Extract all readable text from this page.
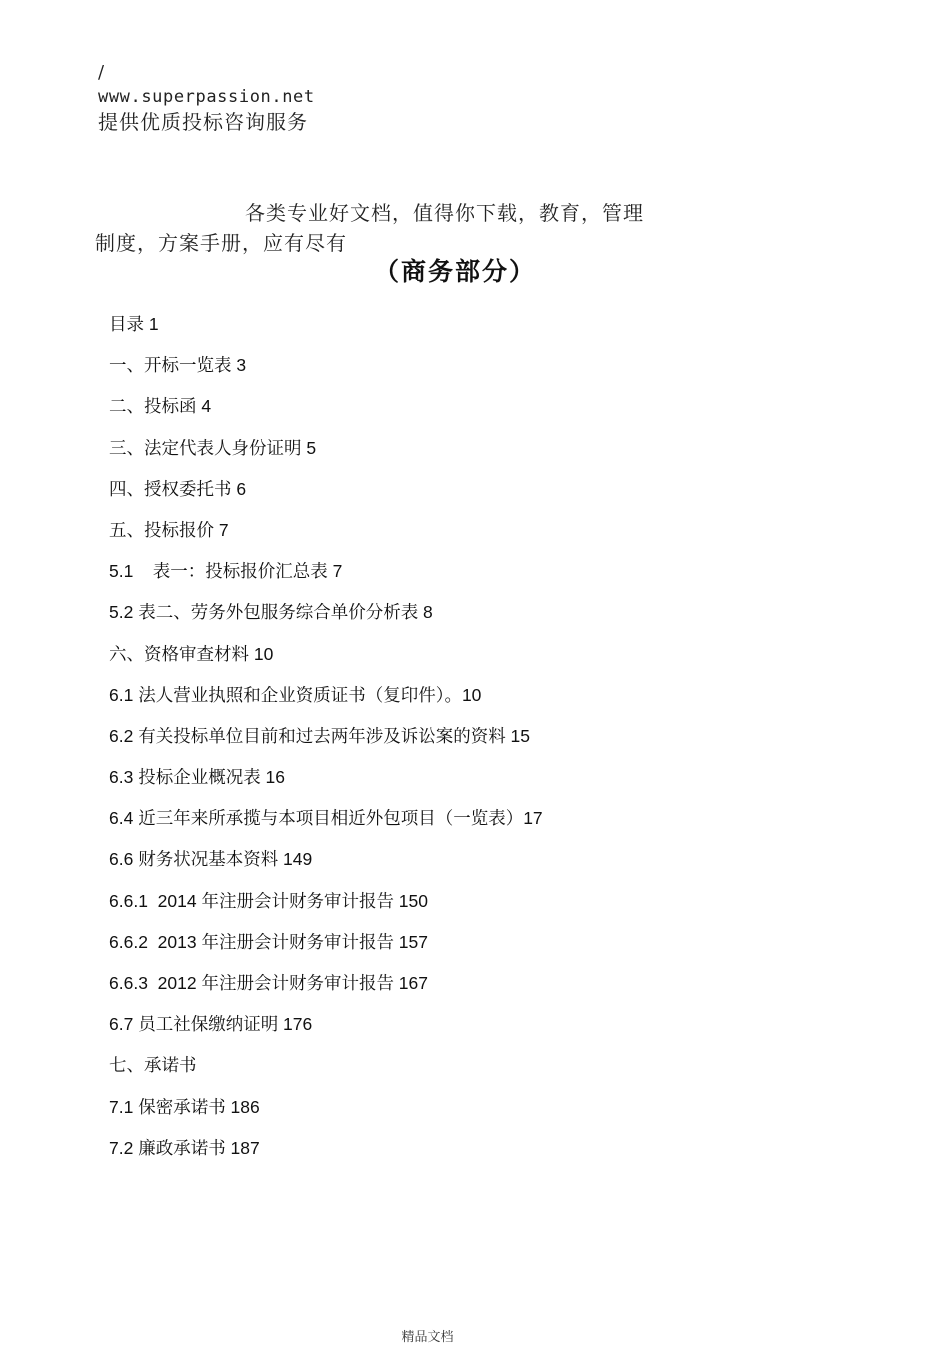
/
www.superpassion.net
提供优质投标咨询服务
各类专业好文档，值得你下载，教育，管理
制度，方案手册，应有尽有
（商务部分）
目录 1
一、开标一览表 3
二、投标函 4
三、法定代表人身份证明 5
四、授权委托书 6
五、投标报价 7
5.1    表一：投标报价汇总表 7
5.2 表二、劳务外包服务综合单价分析表 8
六、资格审查材料 10
6.1 法人营业执照和企业资质证书（复印件）。10
6.2 有关投标单位目前和过去两年涉及诉讼案的资料 15
6.3 投标企业概况表 16
6.4 近三年来所承揽与本项目相近外包项目（一览表）17
6.6 财务状况基本资料 149
6.6.1  2014 年注册会计财务审计报告 150
6.6.2  2013 年注册会计财务审计报告 157
6.6.3  2012 年注册会计财务审计报告 167
6.7 员工社保缴纳证明 176
七、承诺书
7.1 保密承诺书 186
7.2 廉政承诺书 187
精品文档
